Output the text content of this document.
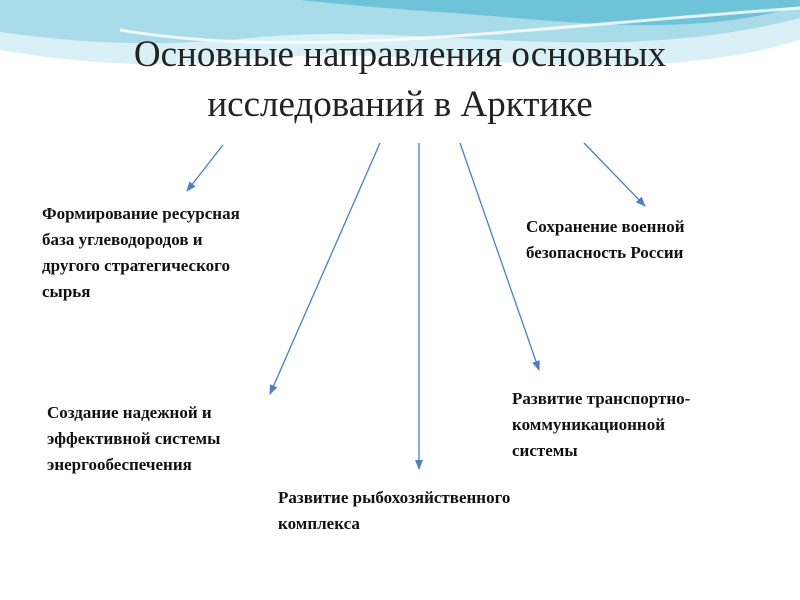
Основные направления основных
исследований в Арктике
Формирование ресурсная
база углеводородов и
другого стратегического
сырья
Создание надежной и
эффективной системы
энергообеспечения
Развитие рыбохозяйственного
комплекса
Развитие транспортно-
коммуникационной
системы
Сохранение военной
безопасность России
